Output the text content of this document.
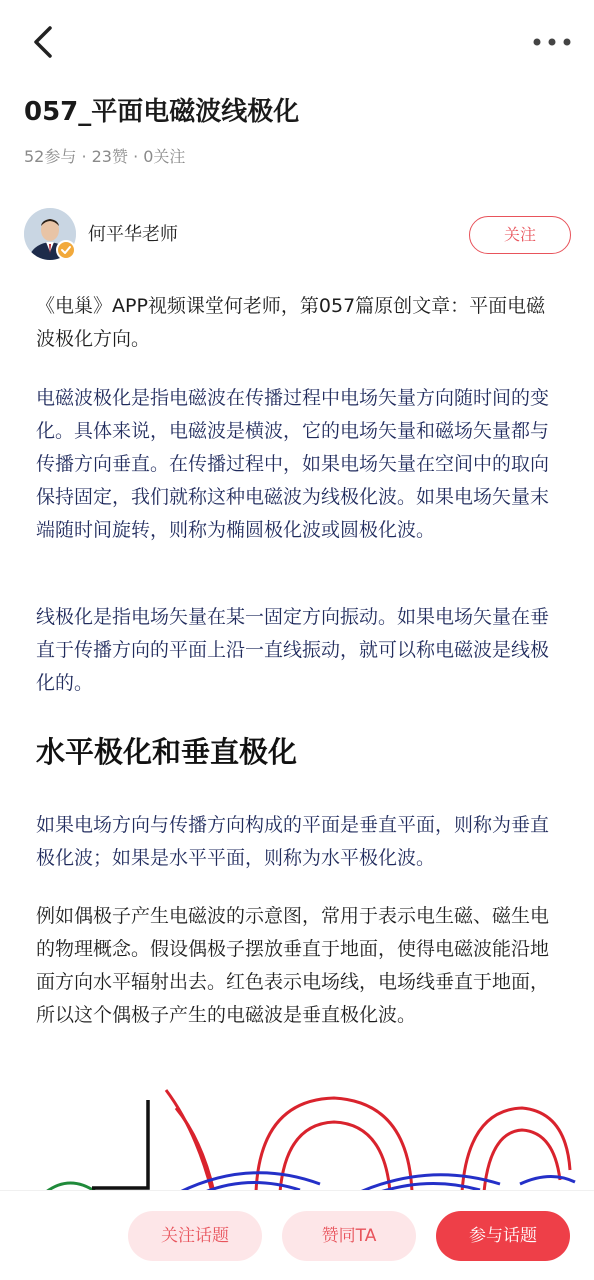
057_平面电磁波线极化
52参与 · 23赞 · 0关注
何平华老师	关注
《电巢》APP视频课堂何老师，第057篇原创文章：平面电磁波极化方向。
电磁波极化是指电磁波在传播过程中电场矢量方向随时间的变化。具体来说，电磁波是横波，它的电场矢量和磁场矢量都与传播方向垂直。在传播过程中，如果电场矢量在空间中的取向保持固定，我们就称这种电磁波为线极化波。如果电场矢量末端随时间旋转，则称为椭圆极化波或圆极化波。
线极化是指电场矢量在某一固定方向振动。如果电场矢量在垂直于传播方向的平面上沿一直线振动，就可以称电磁波是线极化的。
水平极化和垂直极化
如果电场方向与传播方向构成的平面是垂直平面，则称为垂直极化波；如果是水平平面，则称为水平极化波。
例如偶极子产生电磁波的示意图，常用于表示电生磁、磁生电的物理概念。假设偶极子摆放垂直于地面，使得电磁波能沿地面方向水平辐射出去。红色表示电场线，电场线垂直于地面，所以这个偶极子产生的电磁波是垂直极化波。
关注话题	赞同TA	参与话题
